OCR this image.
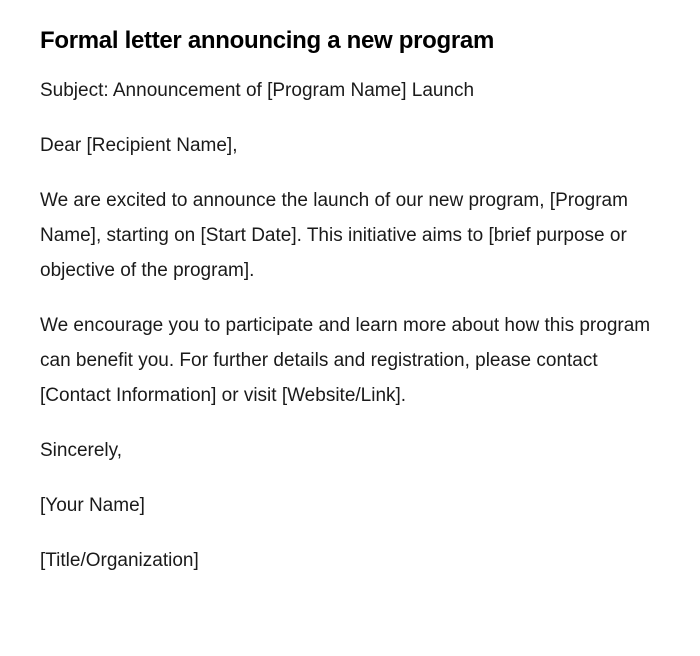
Formal letter announcing a new program

Subject: Announcement of [Program Name] Launch

Dear [Recipient Name],

We are excited to announce the launch of our new program, [Program Name], starting on [Start Date]. This initiative aims to [brief purpose or objective of the program].

We encourage you to participate and learn more about how this program can benefit you. For further details and registration, please contact [Contact Information] or visit [Website/Link].

Sincerely,

[Your Name]

[Title/Organization]
